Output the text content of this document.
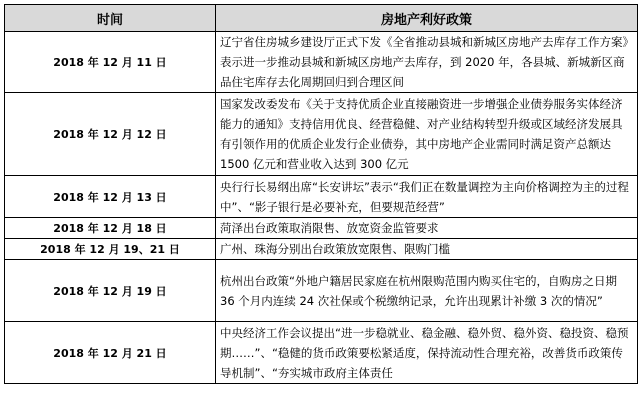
时间	房地产利好政策
2018 年 12 月 11 日	辽宁省住房城乡建设厅正式下发《全省推动县城和新城区房地产去库存工作方案》表示进一步推动县城和新城区房地产去库存，到 2020 年，各县城、新城新区商品住宅库存去化周期回归到合理区间
2018 年 12 月 12 日	国家发改委发布《关于支持优质企业直接融资进一步增强企业债券服务实体经济能力的通知》支持信用优良、经营稳健、对产业结构转型升级或区域经济发展具有引领作用的优质企业发行企业债券，其中房地产企业需同时满足资产总额达 1500 亿元和营业收入达到 300 亿元
2018 年 12 月 13 日	央行行长易纲出席“长安讲坛”表示“我们正在数量调控为主向价格调控为主的过程中”、“影子银行是必要补充，但要规范经营”
2018 年 12 月 18 日	菏泽出台政策取消限售、放宽资金监管要求
2018 年 12 月 19、21 日	广州、珠海分别出台政策放宽限售、限购门槛
2018 年 12 月 19 日	杭州出台政策“外地户籍居民家庭在杭州限购范围内购买住宅的，自购房之日期 36 个月内连续 24 次社保或个税缴纳记录，允许出现累计补缴 3 次的情况”
2018 年 12 月 21 日	中央经济工作会议提出“进一步稳就业、稳金融、稳外贸、稳外资、稳投资、稳预期……”、“稳健的货币政策要松紧适度，保持流动性合理充裕，改善货币政策传导机制”、“夯实城市政府主体责任
